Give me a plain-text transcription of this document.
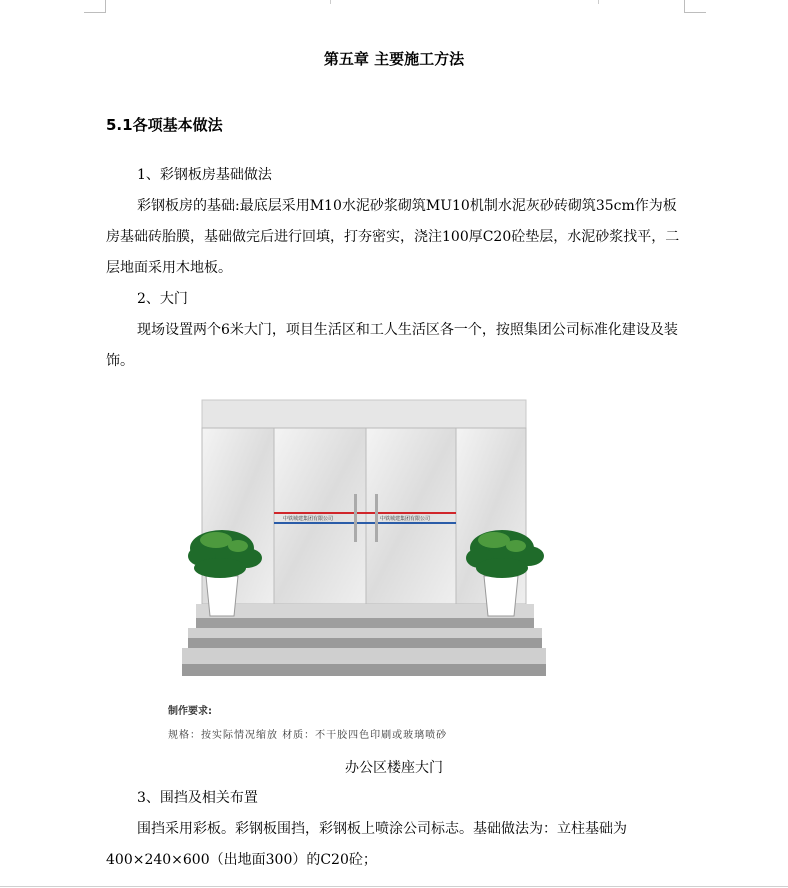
第五章 主要施工方法
5.1各项基本做法
1、彩钢板房基础做法
彩钢板房的基础:最底层采用M10水泥砂浆砌筑MU10机制水泥灰砂砖砌筑35cm作为板房基础砖胎膜，基础做完后进行回填，打夯密实，浇注100厚C20砼垫层，水泥砂浆找平，二层地面采用木地板。
2、大门
现场设置两个6米大门，项目生活区和工人生活区各一个，按照集团公司标准化建设及装饰。
中铁城建集团有限公司	中铁城建集团有限公司
制作要求:
规格：按实际情况缩放 材质：不干胶四色印刷或玻璃喷砂
办公区楼座大门
3、围挡及相关布置
围挡采用彩板。彩钢板围挡，彩钢板上喷涂公司标志。基础做法为：立柱基础为400×240×600（出地面300）的C20砼；
